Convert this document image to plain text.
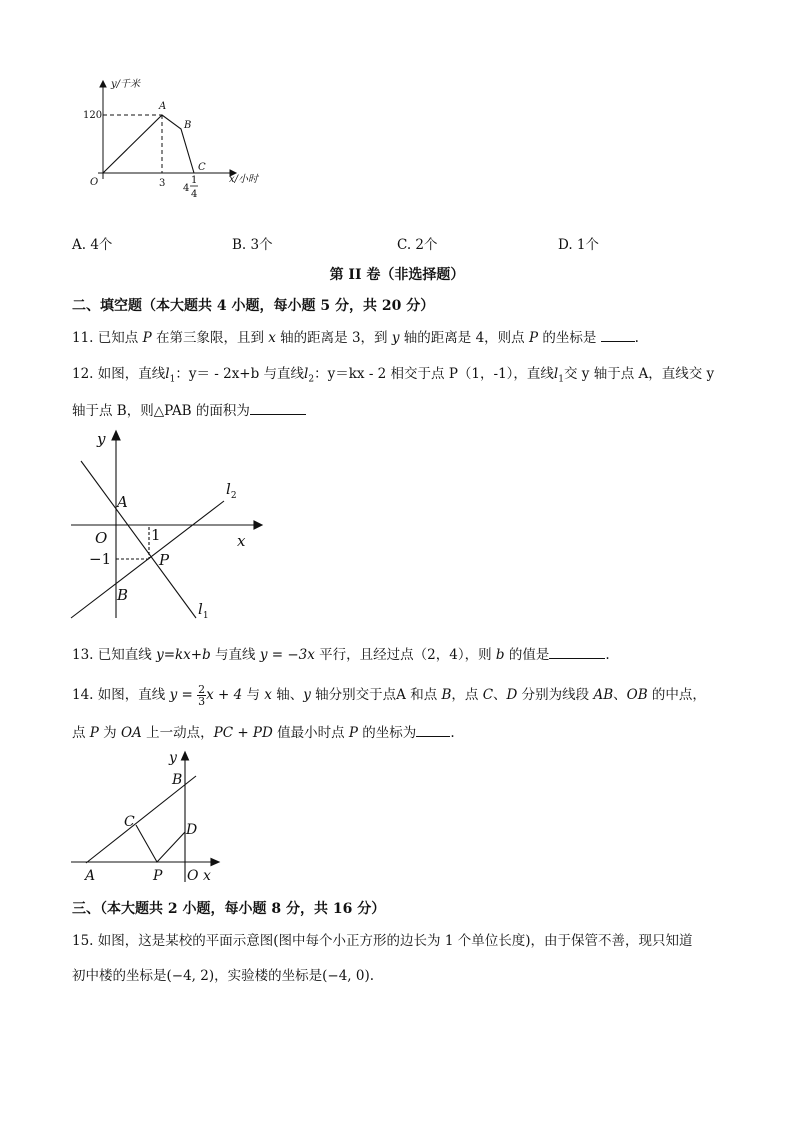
y/千米
120
O	3	1
4
4
x/小时
A
B
C
A. 4个	B. 3个	C. 2个	D. 1个
第 II 卷（非选择题）
二、填空题（本大题共 4 小题，每小题 5 分，共 20 分）
11. 已知点 P 在第三象限，且到 x 轴的距离是 3，到 y 轴的距离是 4，则点 P 的坐标是	.
12. 如图，直线$l_1$：y＝ - 2x+b 与直线$l_2$：y＝kx - 2 相交于点 P（1，-1），直线$l_1$交 y 轴于点 A，直线交 y
轴于点 B，则△PAB 的面积为
y
x
O
A
B
P
1
−1
$l_2$
$l_1$
13. 已知直线 y=kx+b 与直线 y = −3x 平行，且经过点（2，4），则 b 的值是	.
14. 如图，直线 $y = \frac{2}{3}$ x + 4 与 x 轴、y 轴分别交于点A 和点 B，点 C、D 分别为线段 AB、OB 的中点，
点 P 为 OA 上一动点，PC + PD 值最小时点 P 的坐标为	.
y
B
C	D
A	P O x
三、（本大题共 2 小题，每小题 8 分，共 16 分）
15. 如图，这是某校的平面示意图(图中每个小正方形的边长为 1 个单位长度)，由于保管不善，现只知道
初中楼的坐标是(−4, 2)，实验楼的坐标是(−4, 0).
